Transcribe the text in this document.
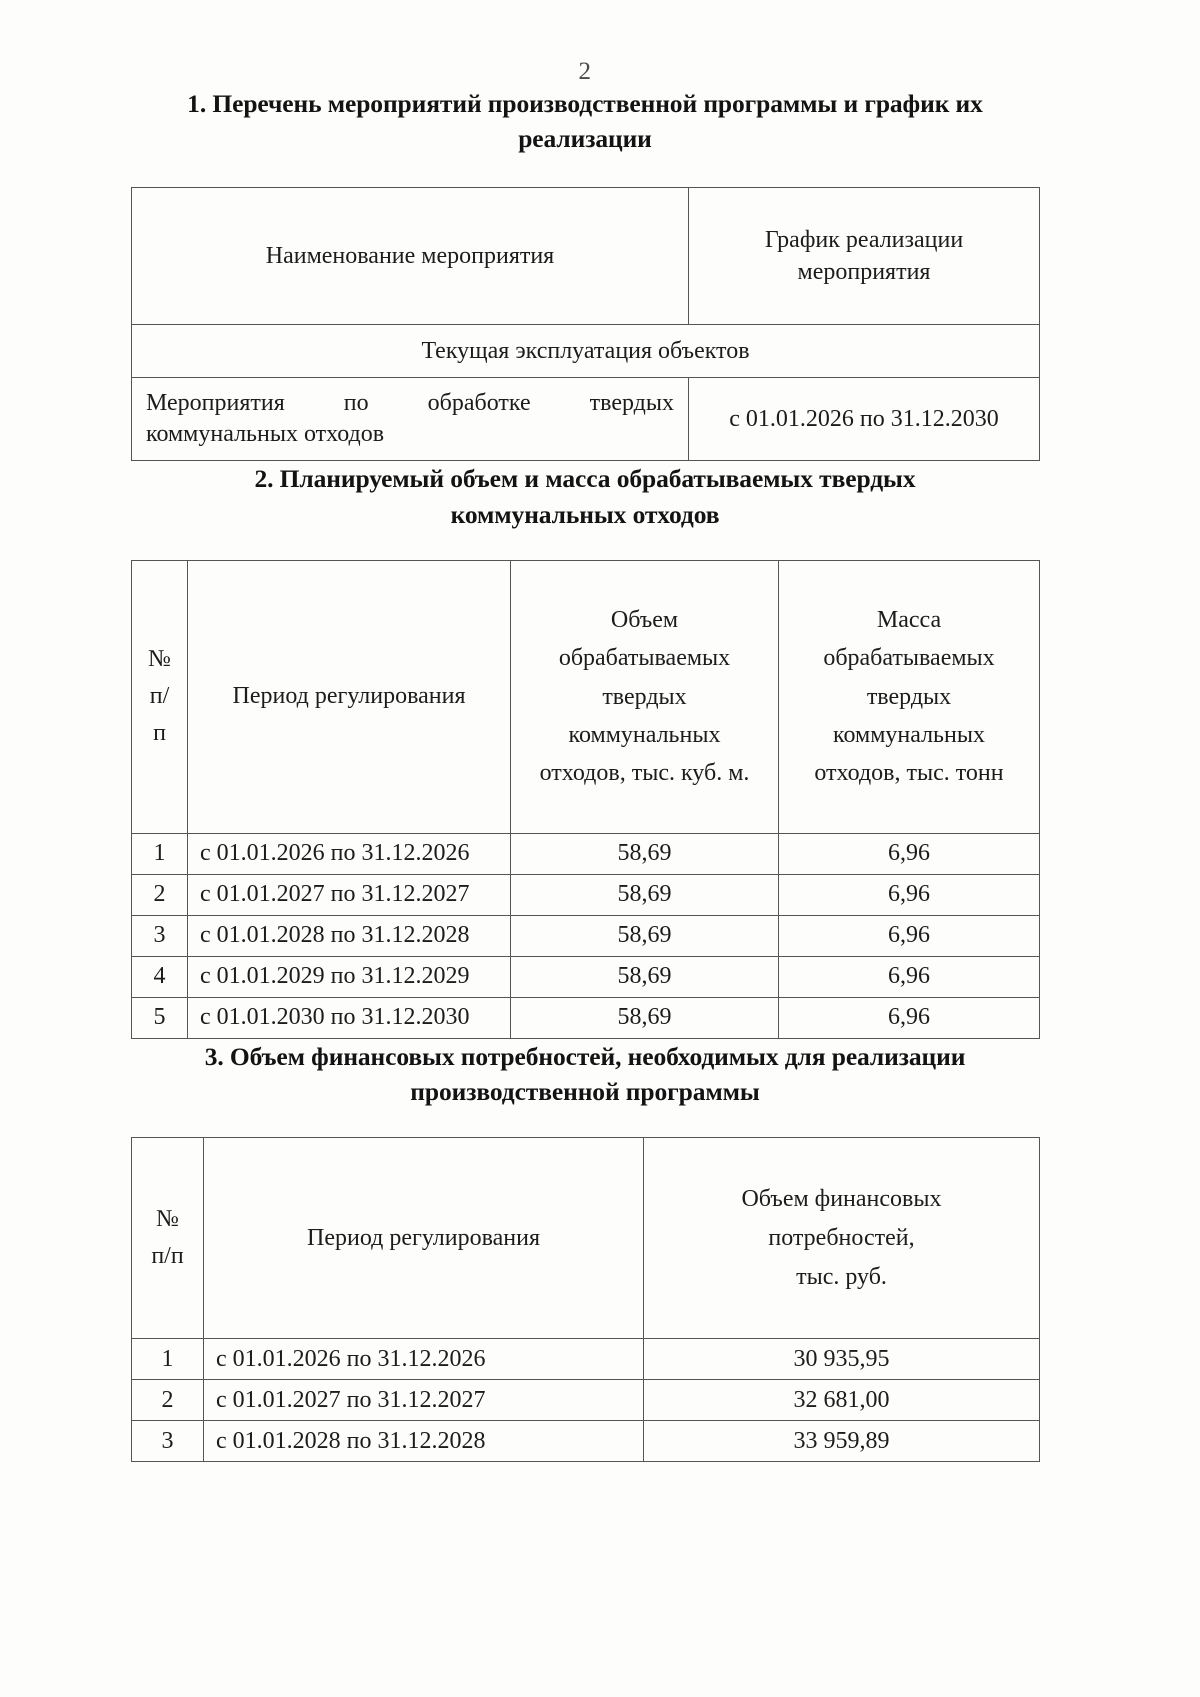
2
1. Перечень мероприятий производственной программы и график их
реализации
Наименование мероприятия	График реализации
мероприятия
Текущая эксплуатация объектов	

Мероприятия по обработке твердых
коммунальных отходов	с 01.01.2026 по 31.12.2030
2. Планируемый объем и масса обрабатываемых твердых
коммунальных отходов
№
п/
п	Период регулирования	Объем
обрабатываемых
твердых
коммунальных
отходов, тыс. куб. м.	Масса
обрабатываемых
твердых
коммунальных
отходов, тыс. тонн
1	с 01.01.2026 по 31.12.2026	58,69	6,96
2	с 01.01.2027 по 31.12.2027	58,69	6,96
3	с 01.01.2028 по 31.12.2028	58,69	6,96
4	с 01.01.2029 по 31.12.2029	58,69	6,96
5	с 01.01.2030 по 31.12.2030	58,69	6,96
3. Объем финансовых потребностей, необходимых для реализации
производственной программы
№
п/п	Период регулирования	Объем финансовых
потребностей,
тыс. руб.
1	с 01.01.2026 по 31.12.2026	30 935,95
2	с 01.01.2027 по 31.12.2027	32 681,00
3	с 01.01.2028 по 31.12.2028	33 959,89
